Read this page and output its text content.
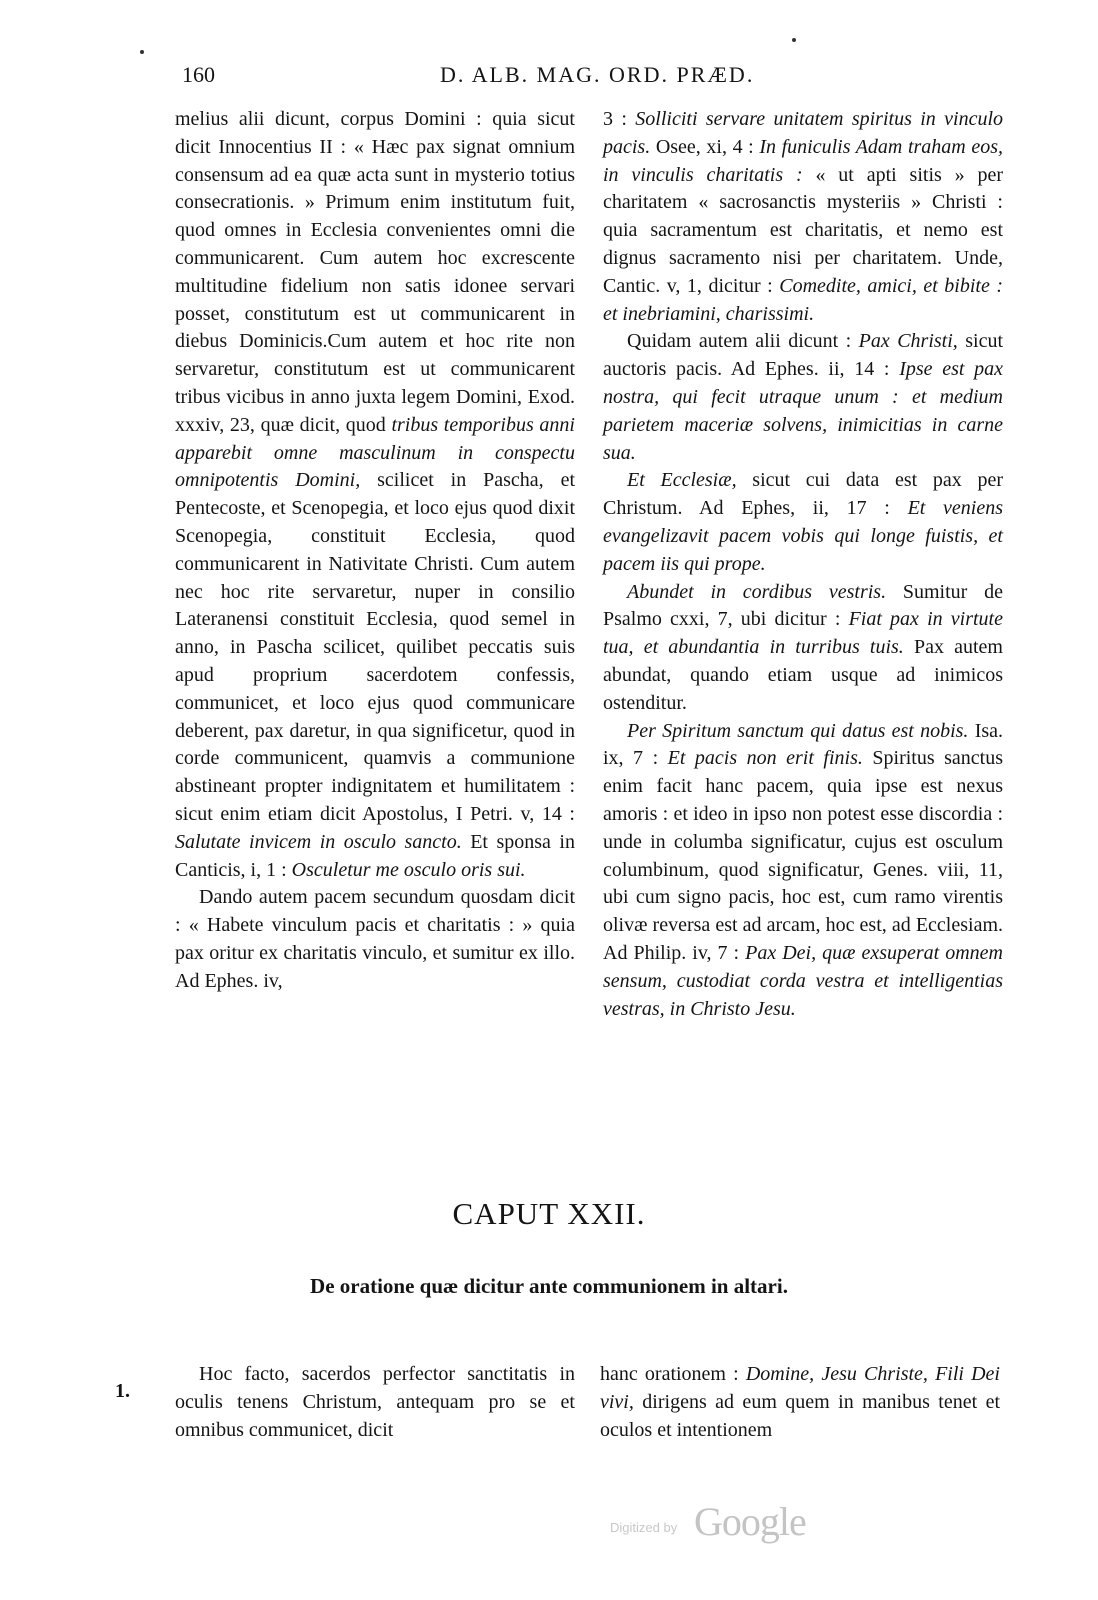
160	D. ALB. MAG. ORD. PRÆD.

melius alii dicunt, corpus Domini : quia sicut dicit Innocentius II : « Hæc pax signat omnium consensum ad ea quæ acta sunt in mysterio totius consecrationis. » Primum enim institutum fuit, quod omnes in Ecclesia convenientes omni die communicarent. Cum autem hoc excrescente multitudine fidelium non satis idonee servari posset, constitutum est ut communicarent in diebus Dominicis.Cum autem et hoc rite non servaretur, constitutum est ut communicarent tribus vicibus in anno juxta legem Domini, Exod. xxxiv, 23, quæ dicit, quod tribus temporibus anni apparebit omne masculinum in conspectu omnipotentis Domini, scilicet in Pascha, et Pentecoste, et Scenopegia, et loco ejus quod dixit Scenopegia, constituit Ecclesia, quod communicarent in Nativitate Christi. Cum autem nec hoc rite servaretur, nuper in consilio Lateranensi constituit Ecclesia, quod semel in anno, in Pascha scilicet, quilibet peccatis suis apud proprium sacerdotem confessis, communicet, et loco ejus quod communicare deberent, pax daretur, in qua significetur, quod in corde communicent, quamvis a communione abstineant propter indignitatem et humilitatem : sicut enim etiam dicit Apostolus, I Petri. v, 14 : Salutate invicem in osculo sancto. Et sponsa in Canticis, i, 1 : Osculetur me osculo oris sui.

Dando autem pacem secundum quosdam dicit : « Habete vinculum pacis et charitatis : » quia pax oritur ex charitatis vinculo, et sumitur ex illo. Ad Ephes. iv,

3 : Solliciti servare unitatem spiritus in vinculo pacis. Osee, xi, 4 : In funiculis Adam traham eos, in vinculis charitatis : « ut apti sitis » per charitatem « sacrosanctis mysteriis » Christi : quia sacramentum est charitatis, et nemo est dignus sacramento nisi per charitatem. Unde, Cantic. v, 1, dicitur : Comedite, amici, et bibite : et inebriamini, charissimi.

Quidam autem alii dicunt : Pax Christi, sicut auctoris pacis. Ad Ephes. ii, 14 : Ipse est pax nostra, qui fecit utraque unum : et medium parietem maceriæ solvens, inimicitias in carne sua.

Et Ecclesiæ, sicut cui data est pax per Christum. Ad Ephes, ii, 17 : Et veniens evangelizavit pacem vobis qui longe fuistis, et pacem iis qui prope.

Abundet in cordibus vestris. Sumitur de Psalmo cxxi, 7, ubi dicitur : Fiat pax in virtute tua, et abundantia in turribus tuis. Pax autem abundat, quando etiam usque ad inimicos ostenditur.

Per Spiritum sanctum qui datus est nobis. Isa. ix, 7 : Et pacis non erit finis. Spiritus sanctus enim facit hanc pacem, quia ipse est nexus amoris : et ideo in ipso non potest esse discordia : unde in columba significatur, cujus est osculum columbinum, quod significatur, Genes. viii, 11, ubi cum signo pacis, hoc est, cum ramo virentis olivæ reversa est ad arcam, hoc est, ad Ecclesiam. Ad Philip. iv, 7 : Pax Dei, quæ exsuperat omnem sensum, custodiat corda vestra et intelligentias vestras, in Christo Jesu.

CAPUT XXII.
De oratione quæ dicitur ante communionem in altari.
1.

Hoc facto, sacerdos perfector sanctitatis in oculis tenens Christum, antequam pro se et omnibus communicet, dicit

hanc orationem : Domine, Jesu Christe, Fili Dei vivi, dirigens ad eum quem in manibus tenet et oculos et intentionem

Digitized by Google
